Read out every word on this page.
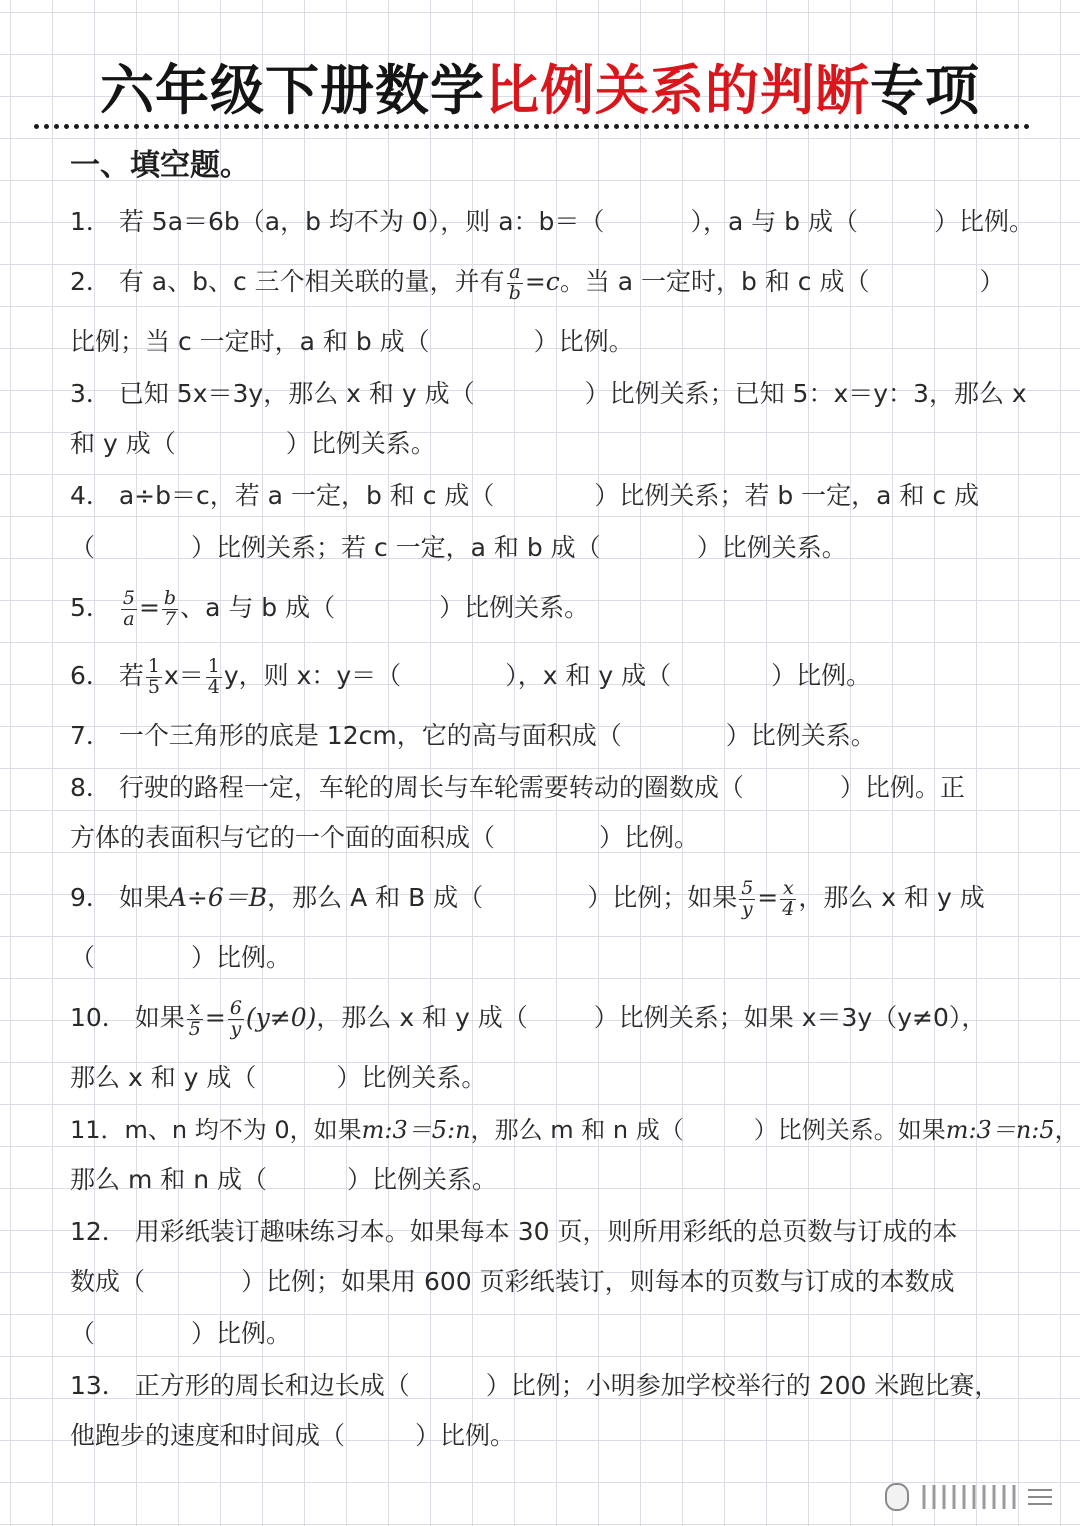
六年级下册数学比例关系的判断专项
一、填空题。
1． 若 5a＝6b（a，b 均不为 0），则 a：b＝（	），a 与 b 成（	）比例。
2． 有 a、b、c 三个相关联的量，并有 $\frac{a}{b} =c$。当 a 一定时，b 和 c 成（	）
比例；当 c 一定时，a 和 b 成（	）比例。
3． 已知 5x＝3y，那么 x 和 y 成（	）比例关系；已知 5：x＝y：3，那么 x
和 y 成（	）比例关系。
4． a÷b＝c，若 a 一定，b 和 c 成（	）比例关系；若 b 一定，a 和 c 成
（	）比例关系；若 c 一定，a 和 b 成（	）比例关系。
5． $\frac{5}{a} = \frac{b}{7}$ 、a 与 b 成（	）比例关系。
6． 若 $\frac{1}{5} x= \frac{1}{4}$ y，则 x：y＝（	），x 和 y 成（	）比例。
7． 一个三角形的底是 12cm，它的高与面积成（	）比例关系。
8． 行驶的路程一定，车轮的周长与车轮需要转动的圈数成（	）比例。正
方体的表面积与它的一个面的面积成（	）比例。
9． 如果A÷6＝B，那么 A 和 B 成（	）比例；如果 $\frac{5}{y} = \frac{x}{4}$ ，那么 x 和 y 成
（	）比例。
10． 如果 $\frac{x}{5} = \frac{6}{y} (y\ne 0)$，那么 x 和 y 成（	）比例关系；如果 x＝3y（y≠0），
那么 x 和 y 成（	）比例关系。
11．m、n 均不为 0，如果m:3＝5:n，那么 m 和 n 成（	）比例关系。如果m:3＝n:5，
那么 m 和 n 成（	）比例关系。
12． 用彩纸装订趣味练习本。如果每本 30 页，则所用彩纸的总页数与订成的本
数成（	）比例；如果用 600 页彩纸装订，则每本的页数与订成的本数成
（	）比例。
13． 正方形的周长和边长成（	）比例；小明参加学校举行的 200 米跑比赛，
他跑步的速度和时间成（	）比例。
